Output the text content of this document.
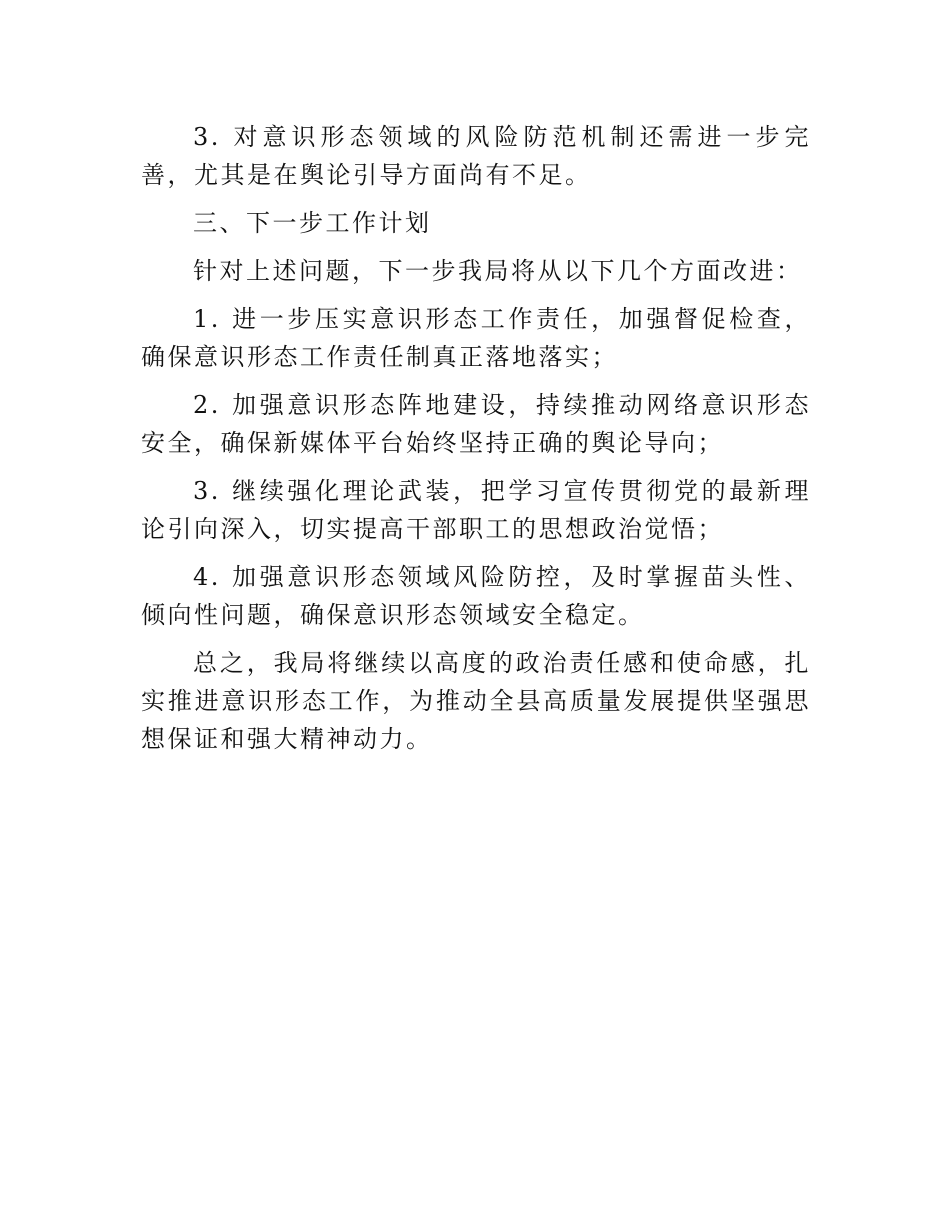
3. 对意识形态领域的风险防范机制还需进一步完善，尤其是在舆论引导方面尚有不足。

三、下一步工作计划

针对上述问题，下一步我局将从以下几个方面改进：

1. 进一步压实意识形态工作责任，加强督促检查，确保意识形态工作责任制真正落地落实；

2. 加强意识形态阵地建设，持续推动网络意识形态安全，确保新媒体平台始终坚持正确的舆论导向；

3. 继续强化理论武装，把学习宣传贯彻党的最新理论引向深入，切实提高干部职工的思想政治觉悟；

4. 加强意识形态领域风险防控，及时掌握苗头性、倾向性问题，确保意识形态领域安全稳定。

总之，我局将继续以高度的政治责任感和使命感，扎实推进意识形态工作，为推动全县高质量发展提供坚强思想保证和强大精神动力。
